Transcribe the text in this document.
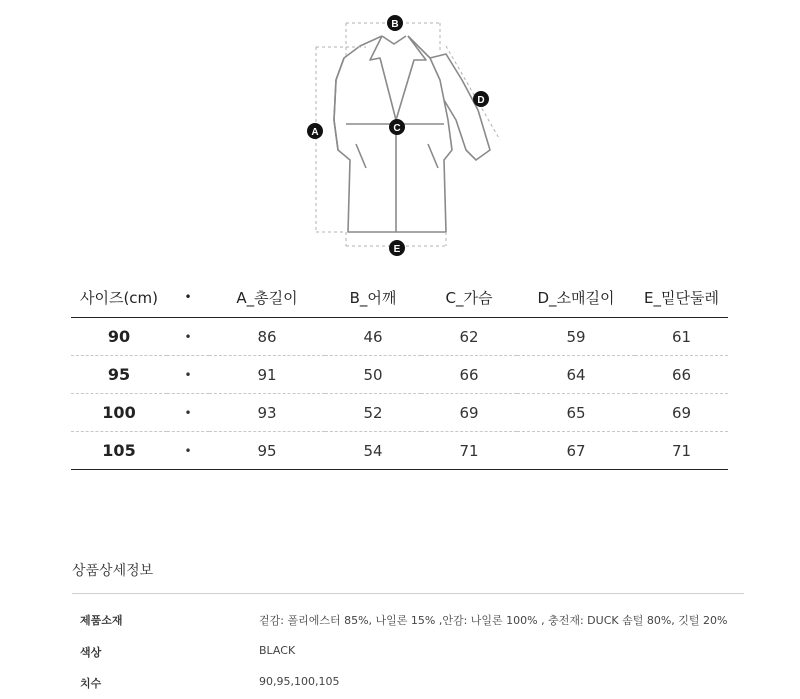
A
B
C
D
E
사이즈(cm)	•	A_총길이	B_어깨	C_가슴	D_소매길이	E_밑단둘레
90	•	86	46	62	59	61
95	•	91	50	66	64	66
100	•	93	52	69	65	69
105	•	95	54	71	67	71
상품상세정보
제품소재	겉감: 폴리에스터 85%, 나일론 15% ,안감: 나일론 100% , 충전재: DUCK 솜털 80%, 깃털 20%
색상	BLACK
치수	90,95,100,105
